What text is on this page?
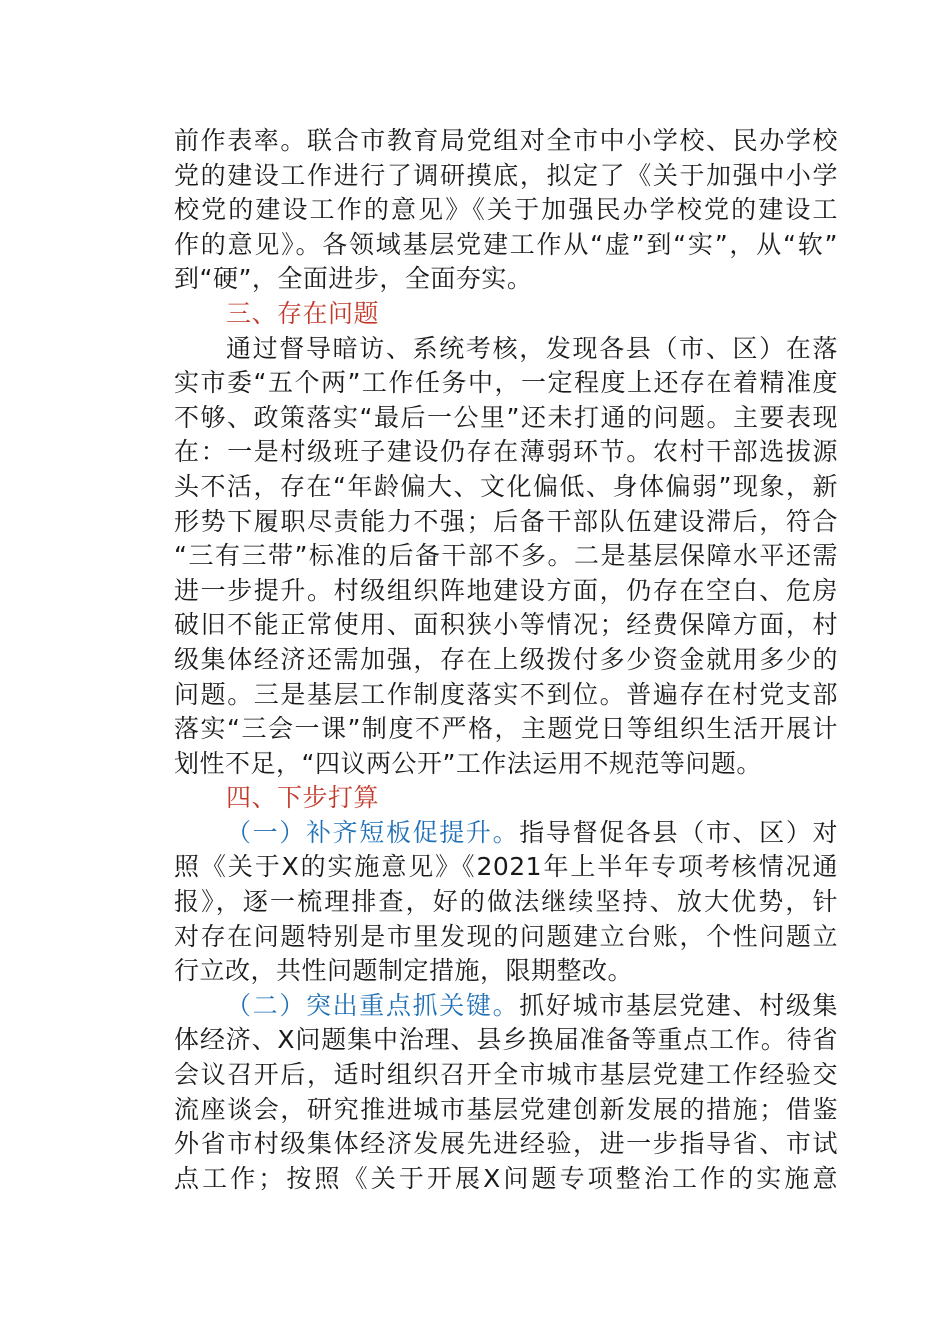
前作表率。联合市教育局党组对全市中小学校、民办学校
党的建设工作进行了调研摸底，拟定了《关于加强中小学
校党的建设工作的意见》《关于加强民办学校党的建设工
作的意见》。各领域基层党建工作从“虚”到“实”，从“软”
到“硬”，全面进步，全面夯实。
三、存在问题
通过督导暗访、系统考核，发现各县（市、区）在落
实市委“五个两”工作任务中，一定程度上还存在着精准度
不够、政策落实“最后一公里”还未打通的问题。主要表现
在：一是村级班子建设仍存在薄弱环节。农村干部选拔源
头不活，存在“年龄偏大、文化偏低、身体偏弱”现象，新
形势下履职尽责能力不强；后备干部队伍建设滞后，符合
“三有三带”标准的后备干部不多。二是基层保障水平还需
进一步提升。村级组织阵地建设方面，仍存在空白、危房
破旧不能正常使用、面积狭小等情况；经费保障方面，村
级集体经济还需加强，存在上级拨付多少资金就用多少的
问题。三是基层工作制度落实不到位。普遍存在村党支部
落实“三会一课”制度不严格，主题党日等组织生活开展计
划性不足，“四议两公开”工作法运用不规范等问题。
四、下步打算
（一）补齐短板促提升。指导督促各县（市、区）对
照《关于X的实施意见》《2021年上半年专项考核情况通
报》，逐一梳理排查，好的做法继续坚持、放大优势，针
对存在问题特别是市里发现的问题建立台账，个性问题立
行立改，共性问题制定措施，限期整改。
（二）突出重点抓关键。抓好城市基层党建、村级集
体经济、X问题集中治理、县乡换届准备等重点工作。待省
会议召开后，适时组织召开全市城市基层党建工作经验交
流座谈会，研究推进城市基层党建创新发展的措施；借鉴
外省市村级集体经济发展先进经验，进一步指导省、市试
点工作；按照《关于开展X问题专项整治工作的实施意
